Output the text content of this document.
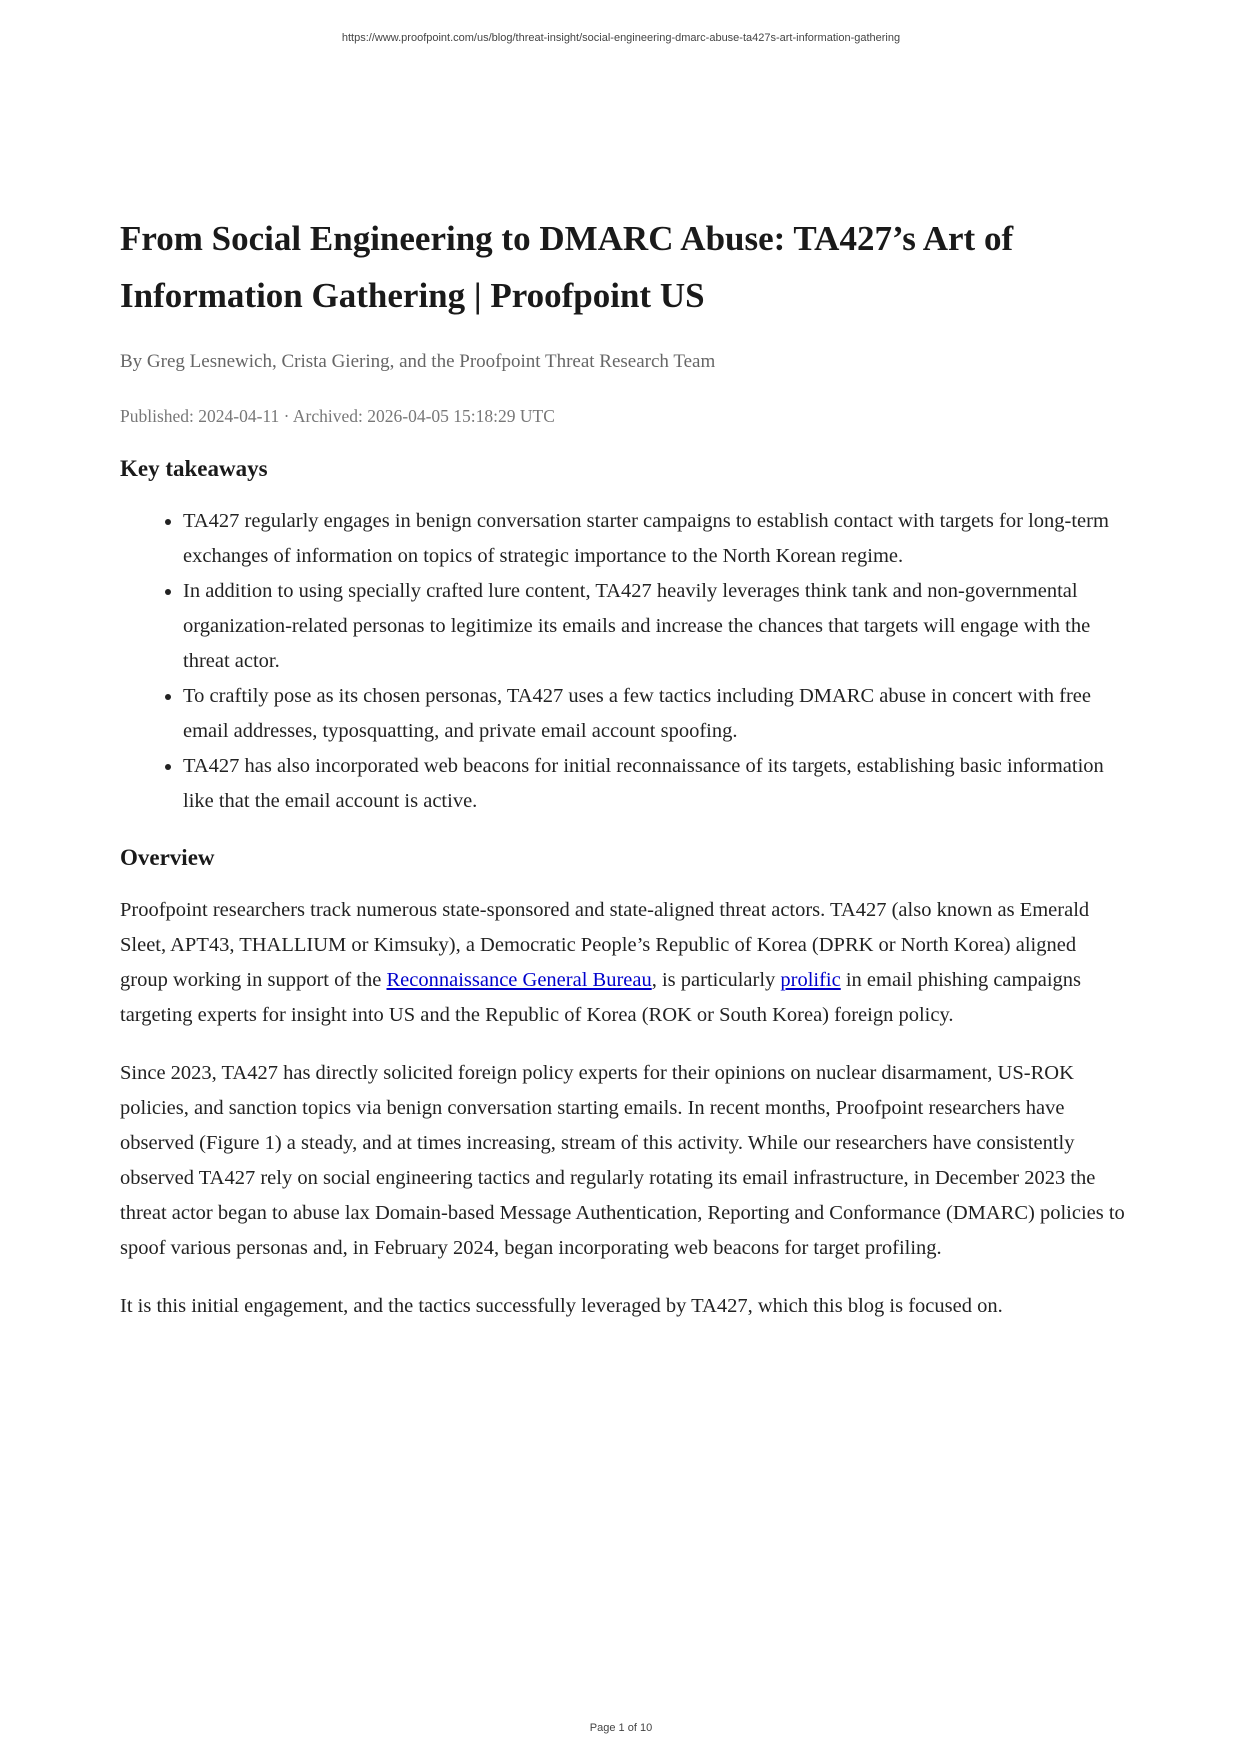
https://www.proofpoint.com/us/blog/threat-insight/social-engineering-dmarc-abuse-ta427s-art-information-gathering
From Social Engineering to DMARC Abuse: TA427’s Art of Information Gathering | Proofpoint US
By Greg Lesnewich, Crista Giering, and the Proofpoint Threat Research Team
Published: 2024-04-11 · Archived: 2026-04-05 15:18:29 UTC
Key takeaways
• TA427 regularly engages in benign conversation starter campaigns to establish contact with targets for long-term exchanges of information on topics of strategic importance to the North Korean regime.
• In addition to using specially crafted lure content, TA427 heavily leverages think tank and non-governmental organization-related personas to legitimize its emails and increase the chances that targets will engage with the threat actor.
• To craftily pose as its chosen personas, TA427 uses a few tactics including DMARC abuse in concert with free email addresses, typosquatting, and private email account spoofing.
• TA427 has also incorporated web beacons for initial reconnaissance of its targets, establishing basic information like that the email account is active.
Overview

Proofpoint researchers track numerous state-sponsored and state-aligned threat actors. TA427 (also known as Emerald Sleet, APT43, THALLIUM or Kimsuky), a Democratic People’s Republic of Korea (DPRK or North Korea) aligned group working in support of the Reconnaissance General Bureau, is particularly prolific in email phishing campaigns targeting experts for insight into US and the Republic of Korea (ROK or South Korea) foreign policy.

Since 2023, TA427 has directly solicited foreign policy experts for their opinions on nuclear disarmament, US-ROK policies, and sanction topics via benign conversation starting emails. In recent months, Proofpoint researchers have observed (Figure 1) a steady, and at times increasing, stream of this activity. While our researchers have consistently observed TA427 rely on social engineering tactics and regularly rotating its email infrastructure, in December 2023 the threat actor began to abuse lax Domain-based Message Authentication, Reporting and Conformance (DMARC) policies to spoof various personas and, in February 2024, began incorporating web beacons for target profiling.

It is this initial engagement, and the tactics successfully leveraged by TA427, which this blog is focused on.

Page 1 of 10
